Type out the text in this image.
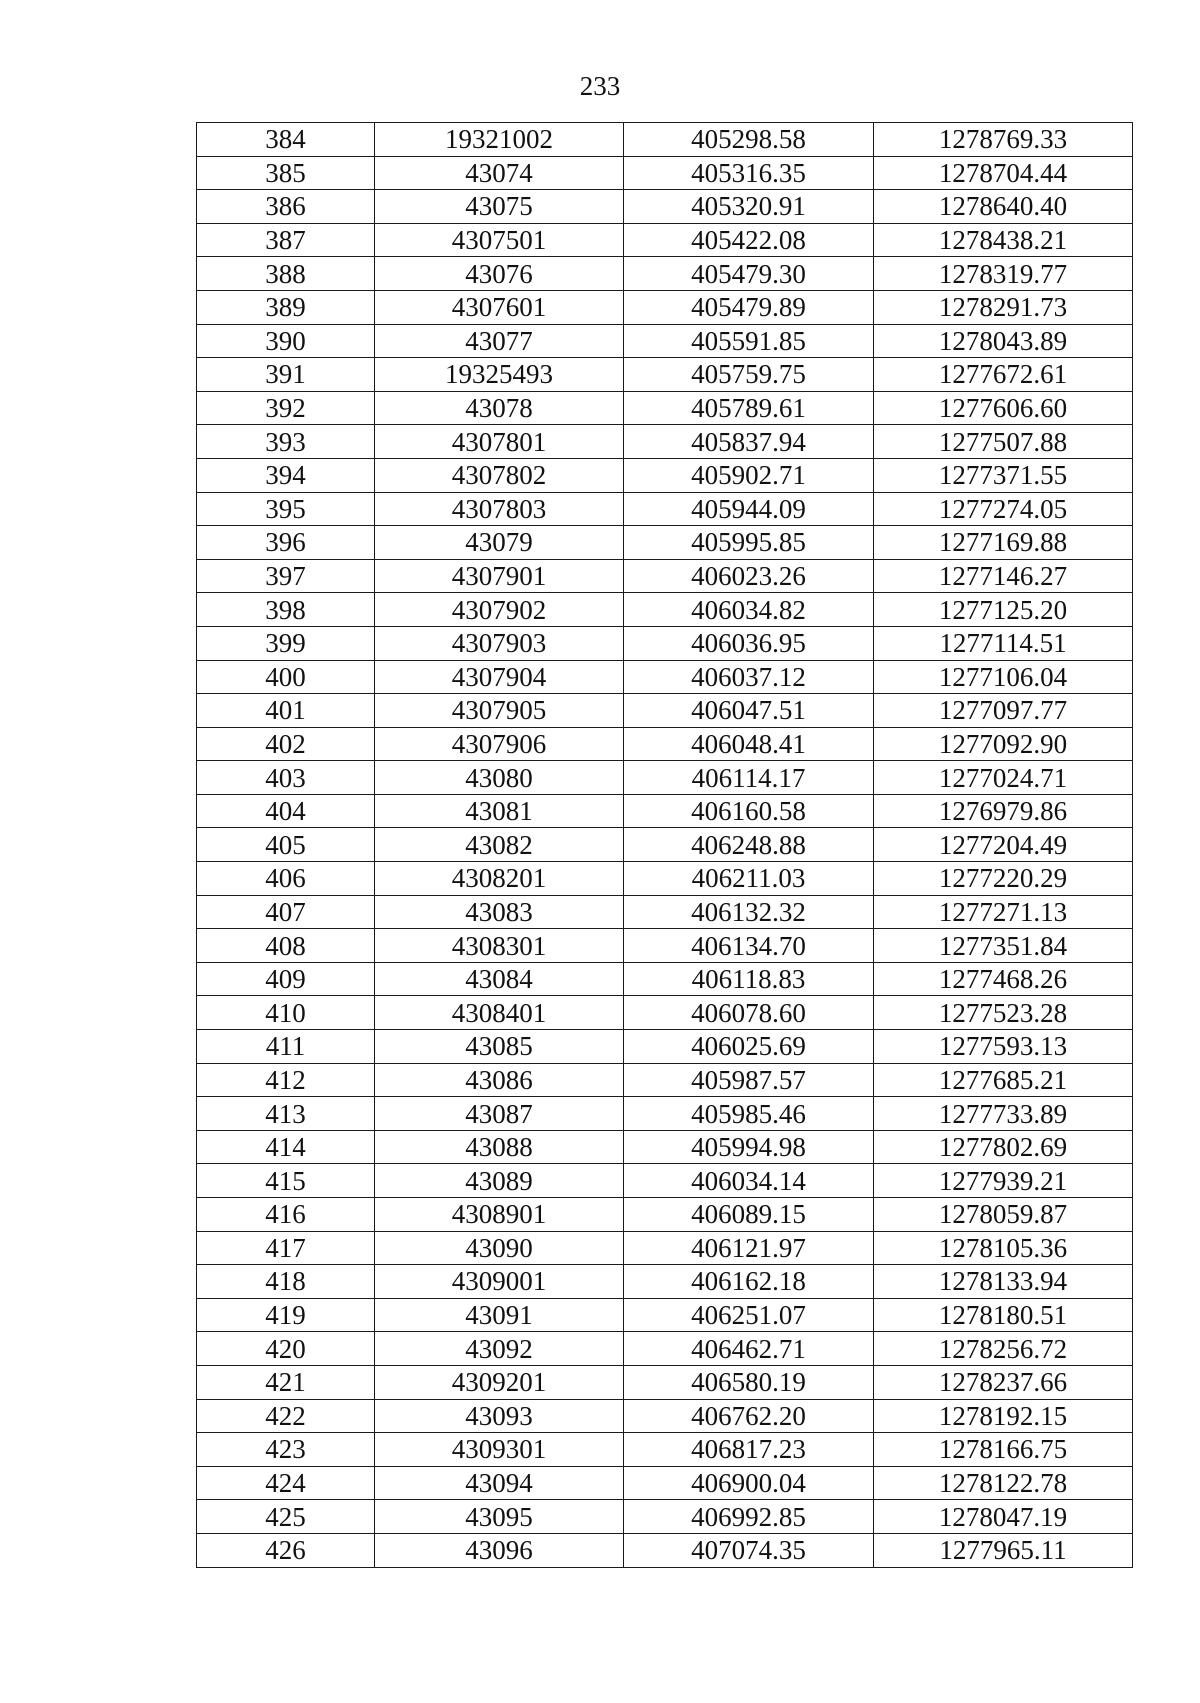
233
384	19321002	405298.58	1278769.33
385	43074	405316.35	1278704.44
386	43075	405320.91	1278640.40
387	4307501	405422.08	1278438.21
388	43076	405479.30	1278319.77
389	4307601	405479.89	1278291.73
390	43077	405591.85	1278043.89
391	19325493	405759.75	1277672.61
392	43078	405789.61	1277606.60
393	4307801	405837.94	1277507.88
394	4307802	405902.71	1277371.55
395	4307803	405944.09	1277274.05
396	43079	405995.85	1277169.88
397	4307901	406023.26	1277146.27
398	4307902	406034.82	1277125.20
399	4307903	406036.95	1277114.51
400	4307904	406037.12	1277106.04
401	4307905	406047.51	1277097.77
402	4307906	406048.41	1277092.90
403	43080	406114.17	1277024.71
404	43081	406160.58	1276979.86
405	43082	406248.88	1277204.49
406	4308201	406211.03	1277220.29
407	43083	406132.32	1277271.13
408	4308301	406134.70	1277351.84
409	43084	406118.83	1277468.26
410	4308401	406078.60	1277523.28
411	43085	406025.69	1277593.13
412	43086	405987.57	1277685.21
413	43087	405985.46	1277733.89
414	43088	405994.98	1277802.69
415	43089	406034.14	1277939.21
416	4308901	406089.15	1278059.87
417	43090	406121.97	1278105.36
418	4309001	406162.18	1278133.94
419	43091	406251.07	1278180.51
420	43092	406462.71	1278256.72
421	4309201	406580.19	1278237.66
422	43093	406762.20	1278192.15
423	4309301	406817.23	1278166.75
424	43094	406900.04	1278122.78
425	43095	406992.85	1278047.19
426	43096	407074.35	1277965.11
